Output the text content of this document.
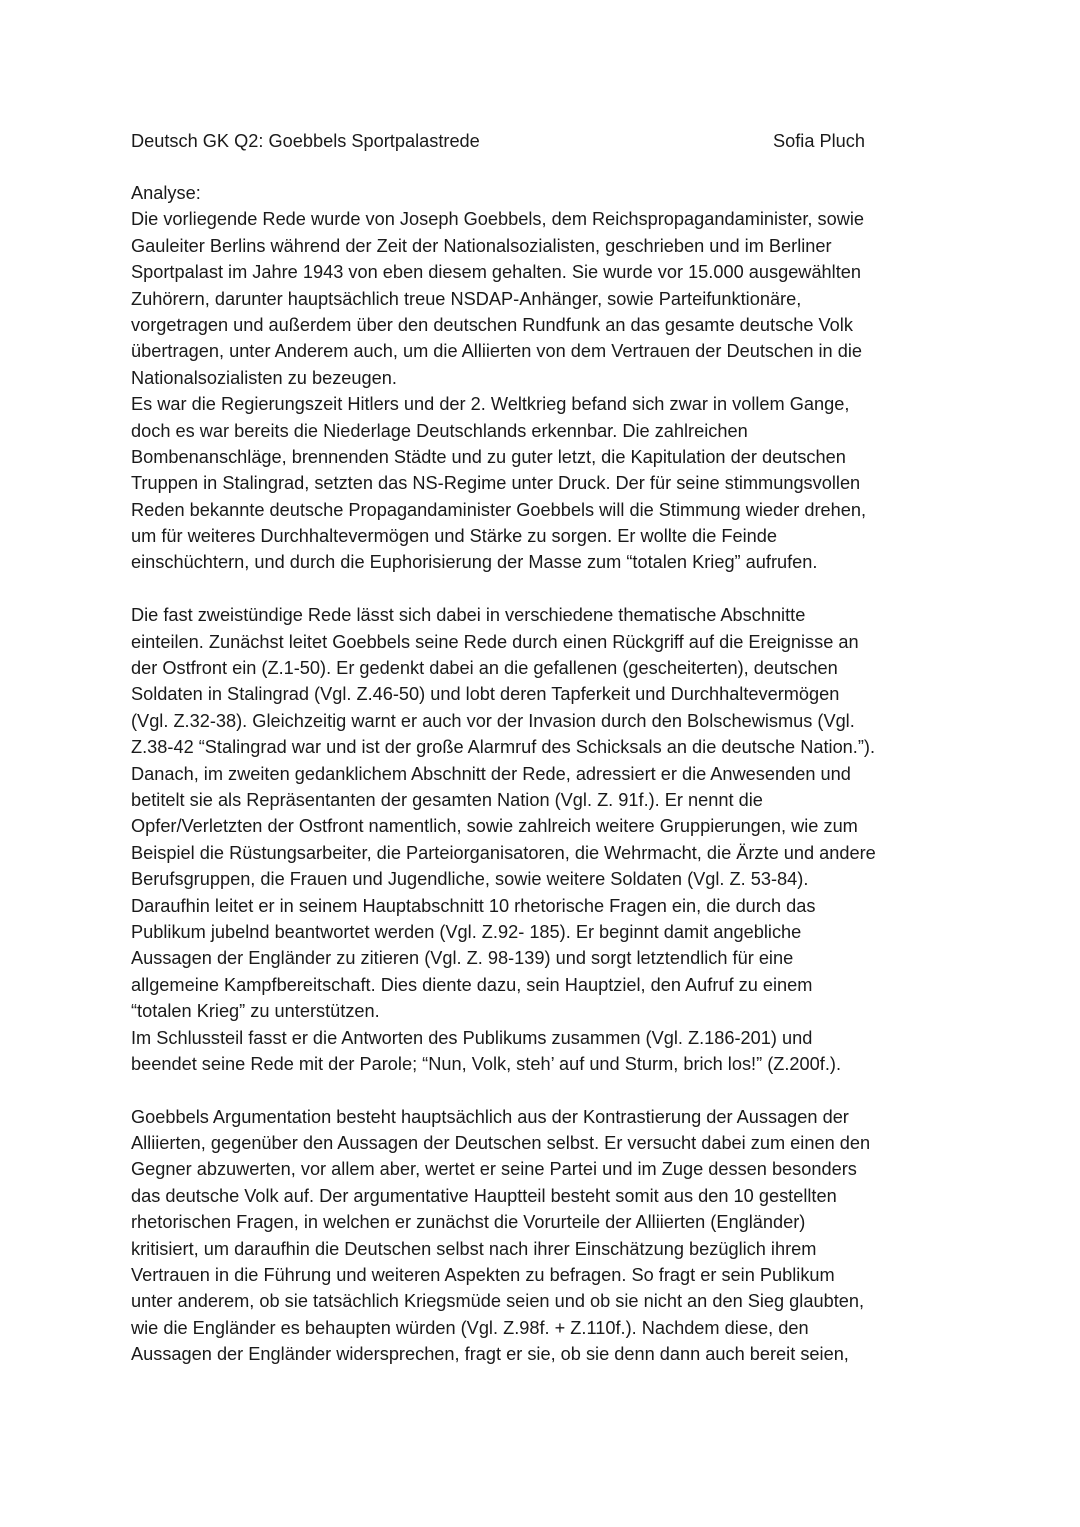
Deutsch GK Q2: Goebbels Sportpalastrede	Sofia Pluch
Analyse:
Die vorliegende Rede wurde von Joseph Goebbels, dem Reichspropagandaminister, sowie
Gauleiter Berlins während der Zeit der Nationalsozialisten, geschrieben und im Berliner
Sportpalast im Jahre 1943 von eben diesem gehalten. Sie wurde vor 15.000 ausgewählten
Zuhörern, darunter hauptsächlich treue NSDAP-Anhänger, sowie Parteifunktionäre,
vorgetragen und außerdem über den deutschen Rundfunk an das gesamte deutsche Volk
übertragen, unter Anderem auch, um die Alliierten von dem Vertrauen der Deutschen in die
Nationalsozialisten zu bezeugen.
Es war die Regierungszeit Hitlers und der 2. Weltkrieg befand sich zwar in vollem Gange,
doch es war bereits die Niederlage Deutschlands erkennbar. Die zahlreichen
Bombenanschläge, brennenden Städte und zu guter letzt, die Kapitulation der deutschen
Truppen in Stalingrad, setzten das NS-Regime unter Druck. Der für seine stimmungsvollen
Reden bekannte deutsche Propagandaminister Goebbels will die Stimmung wieder drehen,
um für weiteres Durchhaltevermögen und Stärke zu sorgen. Er wollte die Feinde
einschüchtern, und durch die Euphorisierung der Masse zum “totalen Krieg” aufrufen.
Die fast zweistündige Rede lässt sich dabei in verschiedene thematische Abschnitte
einteilen. Zunächst leitet Goebbels seine Rede durch einen Rückgriff auf die Ereignisse an
der Ostfront ein (Z.1-50). Er gedenkt dabei an die gefallenen (gescheiterten), deutschen
Soldaten in Stalingrad (Vgl. Z.46-50) und lobt deren Tapferkeit und Durchhaltevermögen
(Vgl. Z.32-38). Gleichzeitig warnt er auch vor der Invasion durch den Bolschewismus (Vgl.
Z.38-42 “Stalingrad war und ist der große Alarmruf des Schicksals an die deutsche Nation.”).
Danach, im zweiten gedanklichem Abschnitt der Rede, adressiert er die Anwesenden und
betitelt sie als Repräsentanten der gesamten Nation (Vgl. Z. 91f.). Er nennt die
Opfer/Verletzten der Ostfront namentlich, sowie zahlreich weitere Gruppierungen, wie zum
Beispiel die Rüstungsarbeiter, die Parteiorganisatoren, die Wehrmacht, die Ärzte und andere
Berufsgruppen, die Frauen und Jugendliche, sowie weitere Soldaten (Vgl. Z. 53-84).
Daraufhin leitet er in seinem Hauptabschnitt 10 rhetorische Fragen ein, die durch das
Publikum jubelnd beantwortet werden (Vgl. Z.92- 185). Er beginnt damit angebliche
Aussagen der Engländer zu zitieren (Vgl. Z. 98-139) und sorgt letztendlich für eine
allgemeine Kampfbereitschaft. Dies diente dazu, sein Hauptziel, den Aufruf zu einem
“totalen Krieg” zu unterstützen.
Im Schlussteil fasst er die Antworten des Publikums zusammen (Vgl. Z.186-201) und
beendet seine Rede mit der Parole; “Nun, Volk, steh’ auf und Sturm, brich los!” (Z.200f.).
Goebbels Argumentation besteht hauptsächlich aus der Kontrastierung der Aussagen der
Alliierten, gegenüber den Aussagen der Deutschen selbst. Er versucht dabei zum einen den
Gegner abzuwerten, vor allem aber, wertet er seine Partei und im Zuge dessen besonders
das deutsche Volk auf. Der argumentative Hauptteil besteht somit aus den 10 gestellten
rhetorischen Fragen, in welchen er zunächst die Vorurteile der Alliierten (Engländer)
kritisiert, um daraufhin die Deutschen selbst nach ihrer Einschätzung bezüglich ihrem
Vertrauen in die Führung und weiteren Aspekten zu befragen. So fragt er sein Publikum
unter anderem, ob sie tatsächlich Kriegsmüde seien und ob sie nicht an den Sieg glaubten,
wie die Engländer es behaupten würden (Vgl. Z.98f. + Z.110f.). Nachdem diese, den
Aussagen der Engländer widersprechen, fragt er sie, ob sie denn dann auch bereit seien,
